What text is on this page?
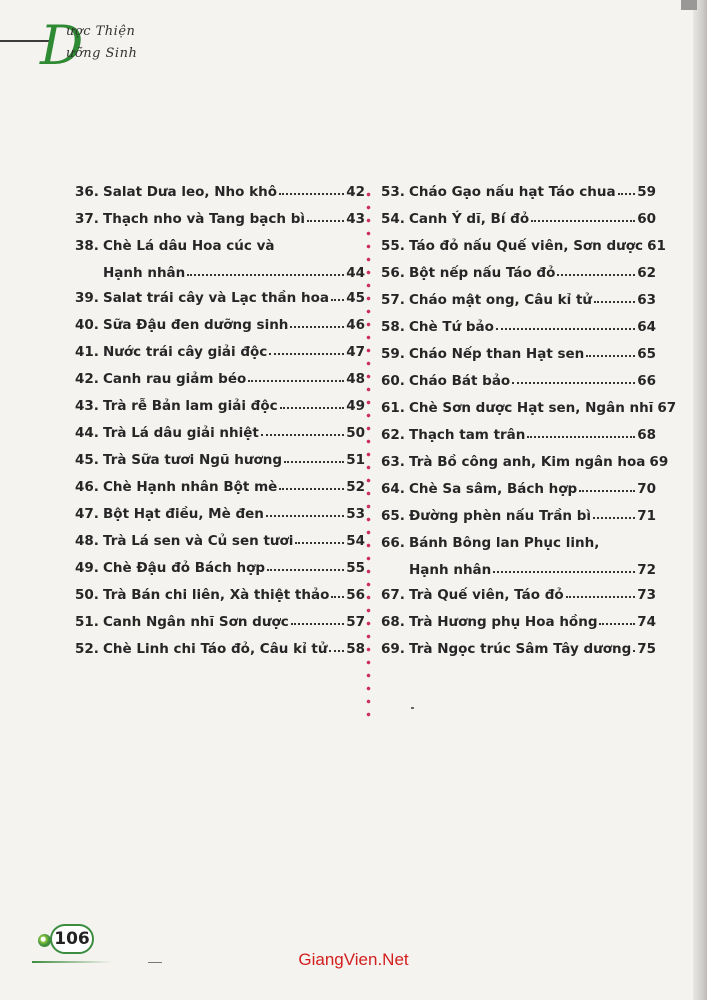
D
ược Thiện
ưỡng Sinh
36. Salat Dưa leo, Nho khô	42
37. Thạch nho và Tang bạch bì	43
38. Chè Lá dâu Hoa cúc và
Hạnh nhân	44
39. Salat trái cây và Lạc thần hoa 45
40. Sữa Đậu đen dưỡng sinh	46
41. Nước trái cây giải độc	47
42. Canh rau giảm béo	48
43. Trà rễ Bản lam giải độc	49
44. Trà Lá dâu giải nhiệt	50
45. Trà Sữa tươi Ngũ hương	51
46. Chè Hạnh nhân Bột mè	52
47. Bột Hạt điều, Mè đen	53
48. Trà Lá sen và Củ sen tươi	54
49. Chè Đậu đỏ Bách hợp	55
50. Trà Bán chi liên, Xà thiệt thảo 56
51. Canh Ngân nhĩ Sơn dược	57
52. Chè Linh chi Táo đỏ, Câu kỉ tử 58
53. Cháo Gạo nấu hạt Táo chua 59
54. Canh Ý dĩ, Bí đỏ	60
55. Táo đỏ nấu Quế viên, Sơn dược 61
56. Bột nếp nấu Táo đỏ	62
57. Cháo mật ong, Câu kỉ tử	63
58. Chè Tứ bảo	64
59. Cháo Nếp than Hạt sen	65
60. Cháo Bát bảo	66
61. Chè Sơn dược Hạt sen, Ngân nhĩ 67
62. Thạch tam trân	68
63. Trà Bồ công anh, Kim ngân hoa 69
64. Chè Sa sâm, Bách hợp	70
65. Đường phèn nấu Trần bì	71
66. Bánh Bông lan Phục linh,
Hạnh nhân	72
67. Trà Quế viên, Táo đỏ	73
68. Trà Hương phụ Hoa hồng	74
69. Trà Ngọc trúc Sâm Tây dương 75
106
GiangVien.Net
